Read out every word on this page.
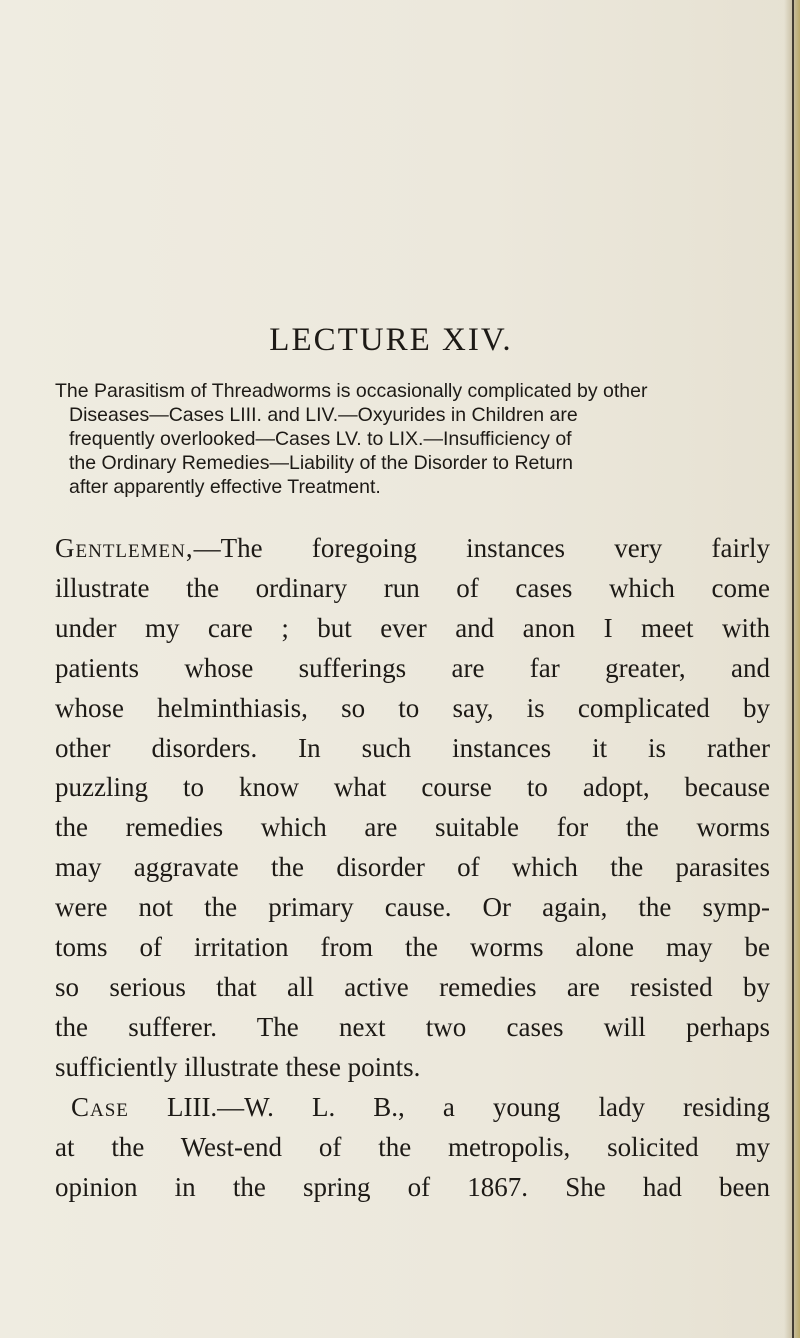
LECTURE XIV.
The Parasitism of Threadworms is occasionally complicated by other
Diseases—Cases LIII. and LIV.—Oxyurides in Children are
frequently overlooked—Cases LV. to LIX.—Insufficiency of
the Ordinary Remedies—Liability of the Disorder to Return
after apparently effective Treatment.
Gentlemen,—The foregoing instances very fairly
illustrate the ordinary run of cases which come
under my care ; but ever and anon I meet with
patients whose sufferings are far greater, and
whose helminthiasis, so to say, is complicated by
other disorders. In such instances it is rather
puzzling to know what course to adopt, because
the remedies which are suitable for the worms
may aggravate the disorder of which the parasites
were not the primary cause. Or again, the symp-
toms of irritation from the worms alone may be
so serious that all active remedies are resisted by
the sufferer. The next two cases will perhaps
sufficiently illustrate these points.
Case LIII.—W. L. B., a young lady residing
at the West-end of the metropolis, solicited my
opinion in the spring of 1867. She had been
